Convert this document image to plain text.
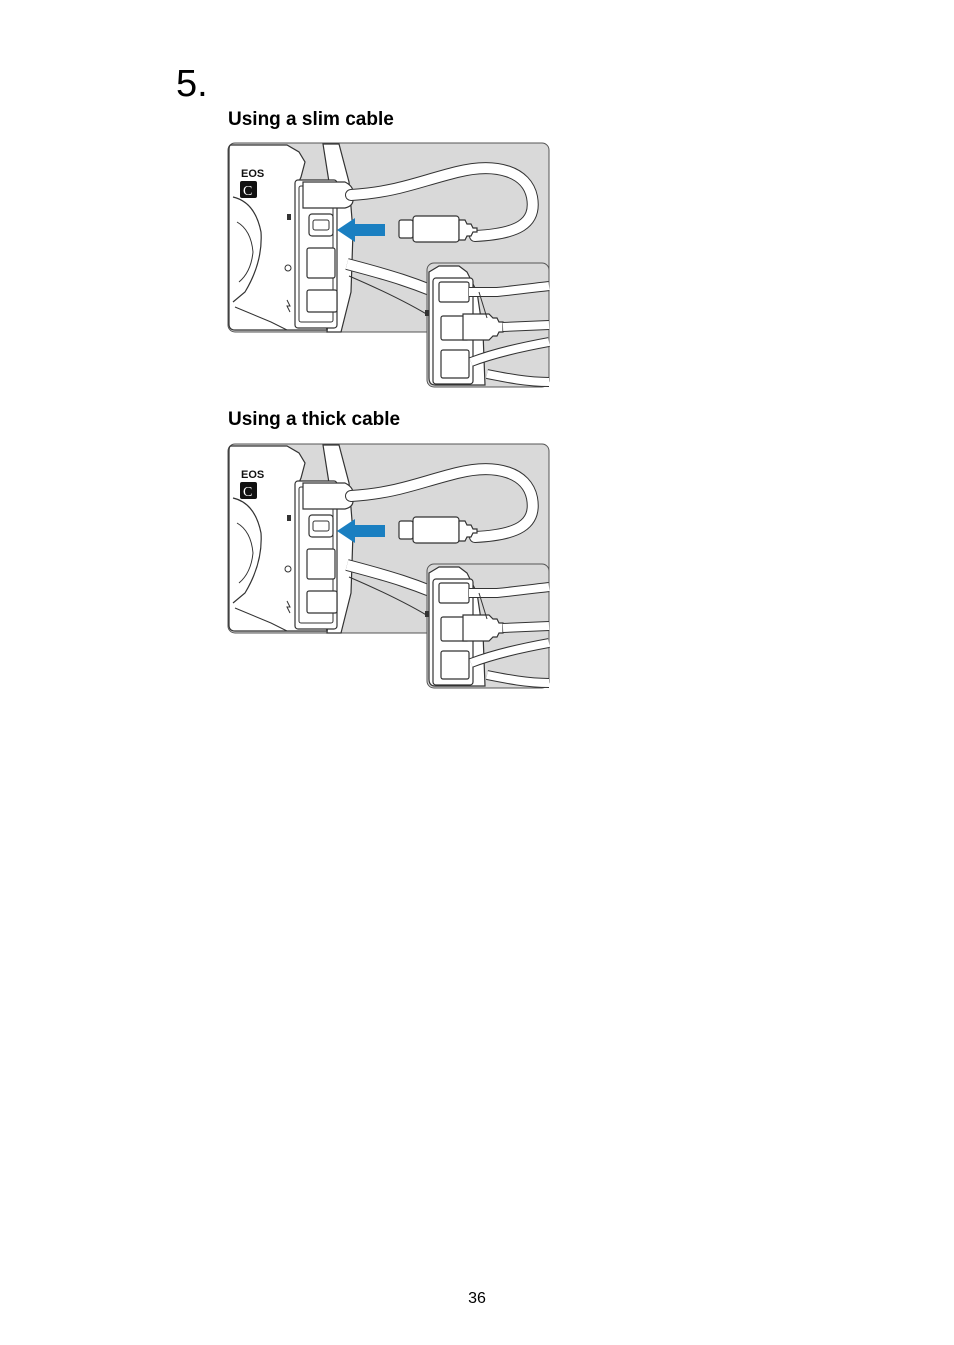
5.
Using a slim cable
EOS
C
Using a thick cable
EOS
C
36
